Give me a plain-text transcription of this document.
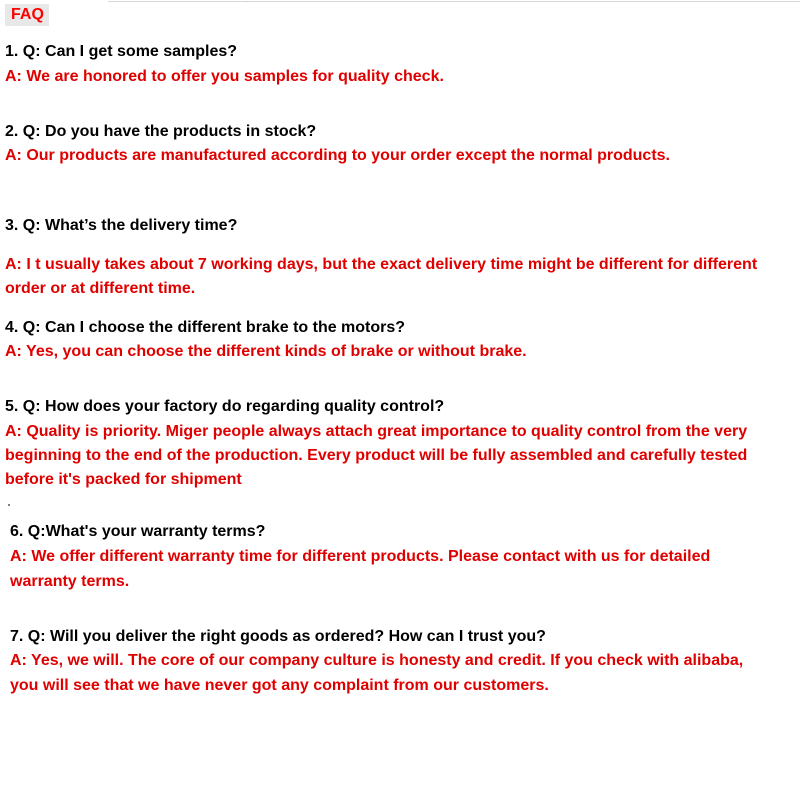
FAQ
1. Q: Can I get some samples?
A: We are honored to offer you samples for quality check.
2. Q: Do you have the products in stock?
A: Our products are manufactured according to your order except the normal products.
3. Q: What’s the delivery time?
A: I t usually takes about 7 working days, but the exact delivery time might be different for different
order or at different time.
4. Q: Can I choose the different brake to the motors?
A: Yes, you can choose the different kinds of brake or without brake.
5. Q: How does your factory do regarding quality control?
A: Quality is priority. Miger people always attach great importance to quality control from the very
beginning to the end of the production. Every product will be fully assembled and carefully tested
before it's packed for shipment
6. Q:What's your warranty terms?
A: We offer different warranty time for different products. Please contact with us for detailed
warranty terms.
7. Q: Will you deliver the right goods as ordered? How can I trust you?
A: Yes, we will. The core of our company culture is honesty and credit. If you check with alibaba,
you will see that we have never got any complaint from our customers.
